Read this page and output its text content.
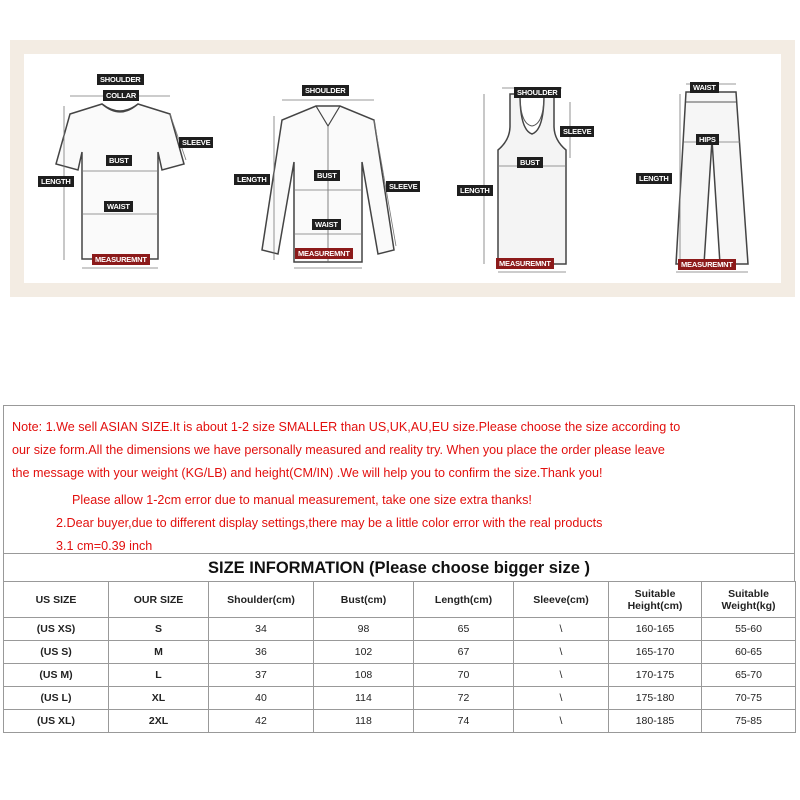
SHOULDER
COLLAR
SLEEVE
BUST
LENGTH
WAIST
MEASUREMNT
SHOULDER
LENGTH	BUST
SLEEVE
WAIST
MEASUREMNT
SHOULDER
SLEEVE
BUST
LENGTH
MEASUREMNT
WAIST
HIPS
LENGTH
MEASUREMNT
Note: 1.We sell ASIAN SIZE.It is about 1-2 size SMALLER than US,UK,AU,EU size.Please choose the size according to
our size form.All the dimensions we have personally measured and reality try. When you place the order please leave
the message with your weight (KG/LB) and height(CM/IN) .We will help you to confirm the size.Thank you!
Please allow 1-2cm error due to manual measurement, take one size extra thanks!
2.Dear buyer,due to different display settings,there may be a little color error with the real products
3.1 cm=0.39 inch
SIZE INFORMATION (Please choose bigger size )
US SIZE	OUR SIZE	Shoulder(cm)	Bust(cm)	Length(cm)	Sleeve(cm)	Suitable Height(cm)	Suitable Weight(kg)
(US XS)	S	34	98	65	\	160-165	55-60
(US S)	M	36	102	67	\	165-170	60-65
(US M)	L	37	108	70	\	170-175	65-70
(US L)	XL	40	114	72	\	175-180	70-75
(US XL)	2XL	42	118	74	\	180-185	75-85
